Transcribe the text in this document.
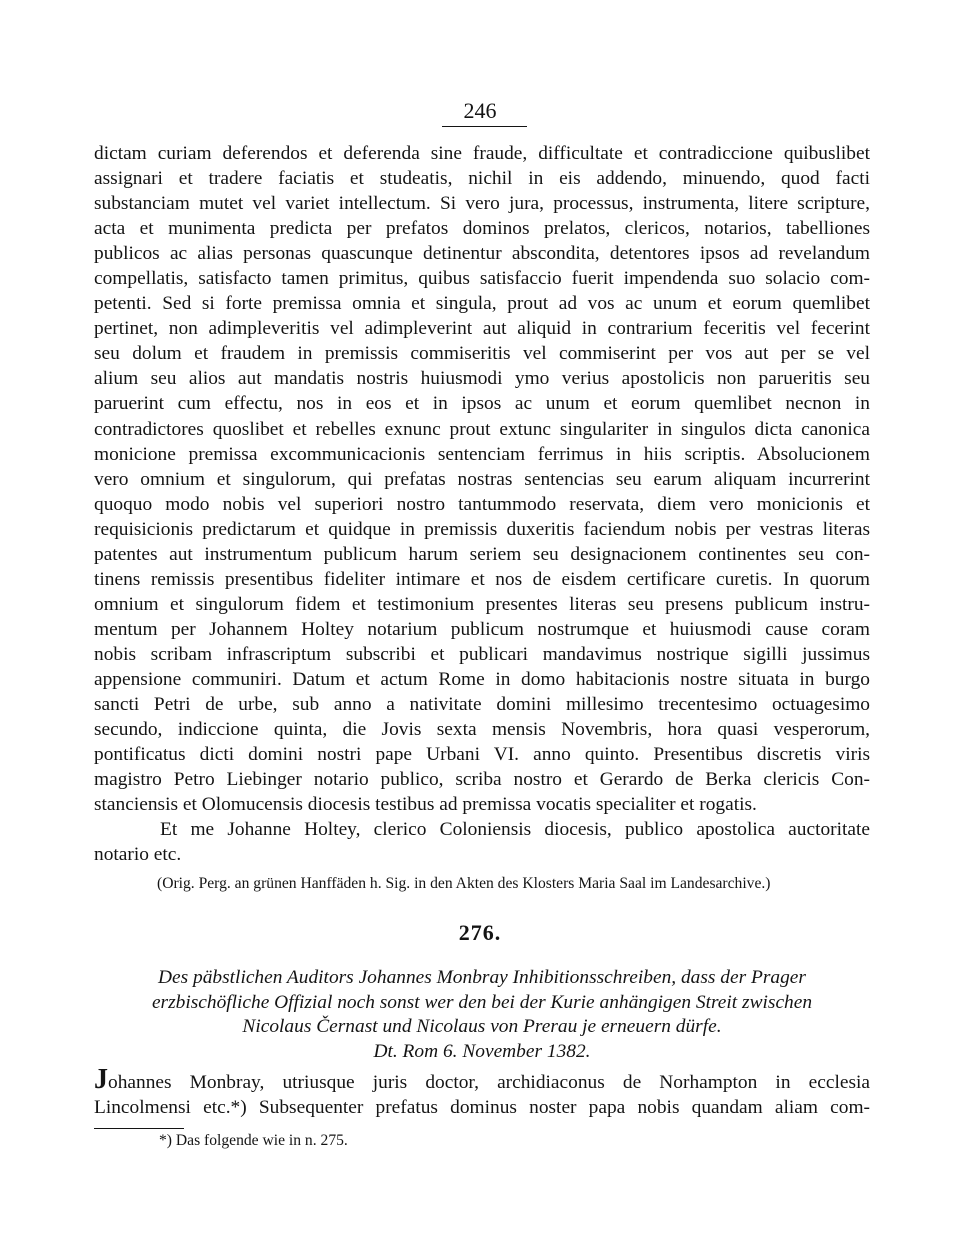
246
dictam curiam deferendos et deferenda sine fraude, difficultate et contradiccione quibuslibet
assignari et tradere faciatis et studeatis, nichil in eis addendo, minuendo, quod facti
substanciam mutet vel variet intellectum. Si vero jura, processus, instrumenta, litere scripture,
acta et munimenta predicta per prefatos dominos prelatos, clericos, notarios, tabelliones
publicos ac alias personas quascunque detinentur abscondita, detentores ipsos ad revelandum
compellatis, satisfacto tamen primitus, quibus satisfaccio fuerit impendenda suo solacio com-
petenti. Sed si forte premissa omnia et singula, prout ad vos ac unum et eorum quemlibet
pertinet, non adimpleveritis vel adimpleverint aut aliquid in contrarium feceritis vel fecerint
seu dolum et fraudem in premissis commiseritis vel commiserint per vos aut per se vel
alium seu alios aut mandatis nostris huiusmodi ymo verius apostolicis non parueritis seu
paruerint cum effectu, nos in eos et in ipsos ac unum et eorum quemlibet necnon in
contradictores quoslibet et rebelles exnunc prout extunc singulariter in singulos dicta canonica
monicione premissa excommunicacionis sentenciam ferrimus in hiis scriptis. Absolucionem
vero omnium et singulorum, qui prefatas nostras sentencias seu earum aliquam incurrerint
quoquo modo nobis vel superiori nostro tantummodo reservata, diem vero monicionis et
requisicionis predictarum et quidque in premissis duxeritis faciendum nobis per vestras literas
patentes aut instrumentum publicum harum seriem seu designacionem continentes seu con-
tinens remissis presentibus fideliter intimare et nos de eisdem certificare curetis. In quorum
omnium et singulorum fidem et testimonium presentes literas seu presens publicum instru-
mentum per Johannem Holtey notarium publicum nostrumque et huiusmodi cause coram
nobis scribam infrascriptum subscribi et publicari mandavimus nostrique sigilli jussimus
appensione communiri. Datum et actum Rome in domo habitacionis nostre situata in burgo
sancti Petri de urbe, sub anno a nativitate domini millesimo trecentesimo octuagesimo
secundo, indiccione quinta, die Jovis sexta mensis Novembris, hora quasi vesperorum,
pontificatus dicti domini nostri pape Urbani VI. anno quinto. Presentibus discretis viris
magistro Petro Liebinger notario publico, scriba nostro et Gerardo de Berka clericis Con-
stanciensis et Olomucensis diocesis testibus ad premissa vocatis specialiter et rogatis.
Et me Johanne Holtey, clerico Coloniensis diocesis, publico apostolica auctoritate
notario etc.
(Orig. Perg. an grünen Hanffäden h. Sig. in den Akten des Klosters Maria Saal im Landesarchive.)
276.
Des päbstlichen Auditors Johannes Monbray Inhibitionsschreiben, dass der Prager
erzbischöfliche Offizial noch sonst wer den bei der Kurie anhängigen Streit zwischen
Nicolaus Černast und Nicolaus von Prerau je erneuern dürfe.
Dt. Rom 6. November 1382.
Johannes Monbray, utriusque juris doctor, archidiaconus de Norhampton in ecclesia
Lincolmensi etc.*) Subsequenter prefatus dominus noster papa nobis quandam aliam com-
*) Das folgende wie in n. 275.
